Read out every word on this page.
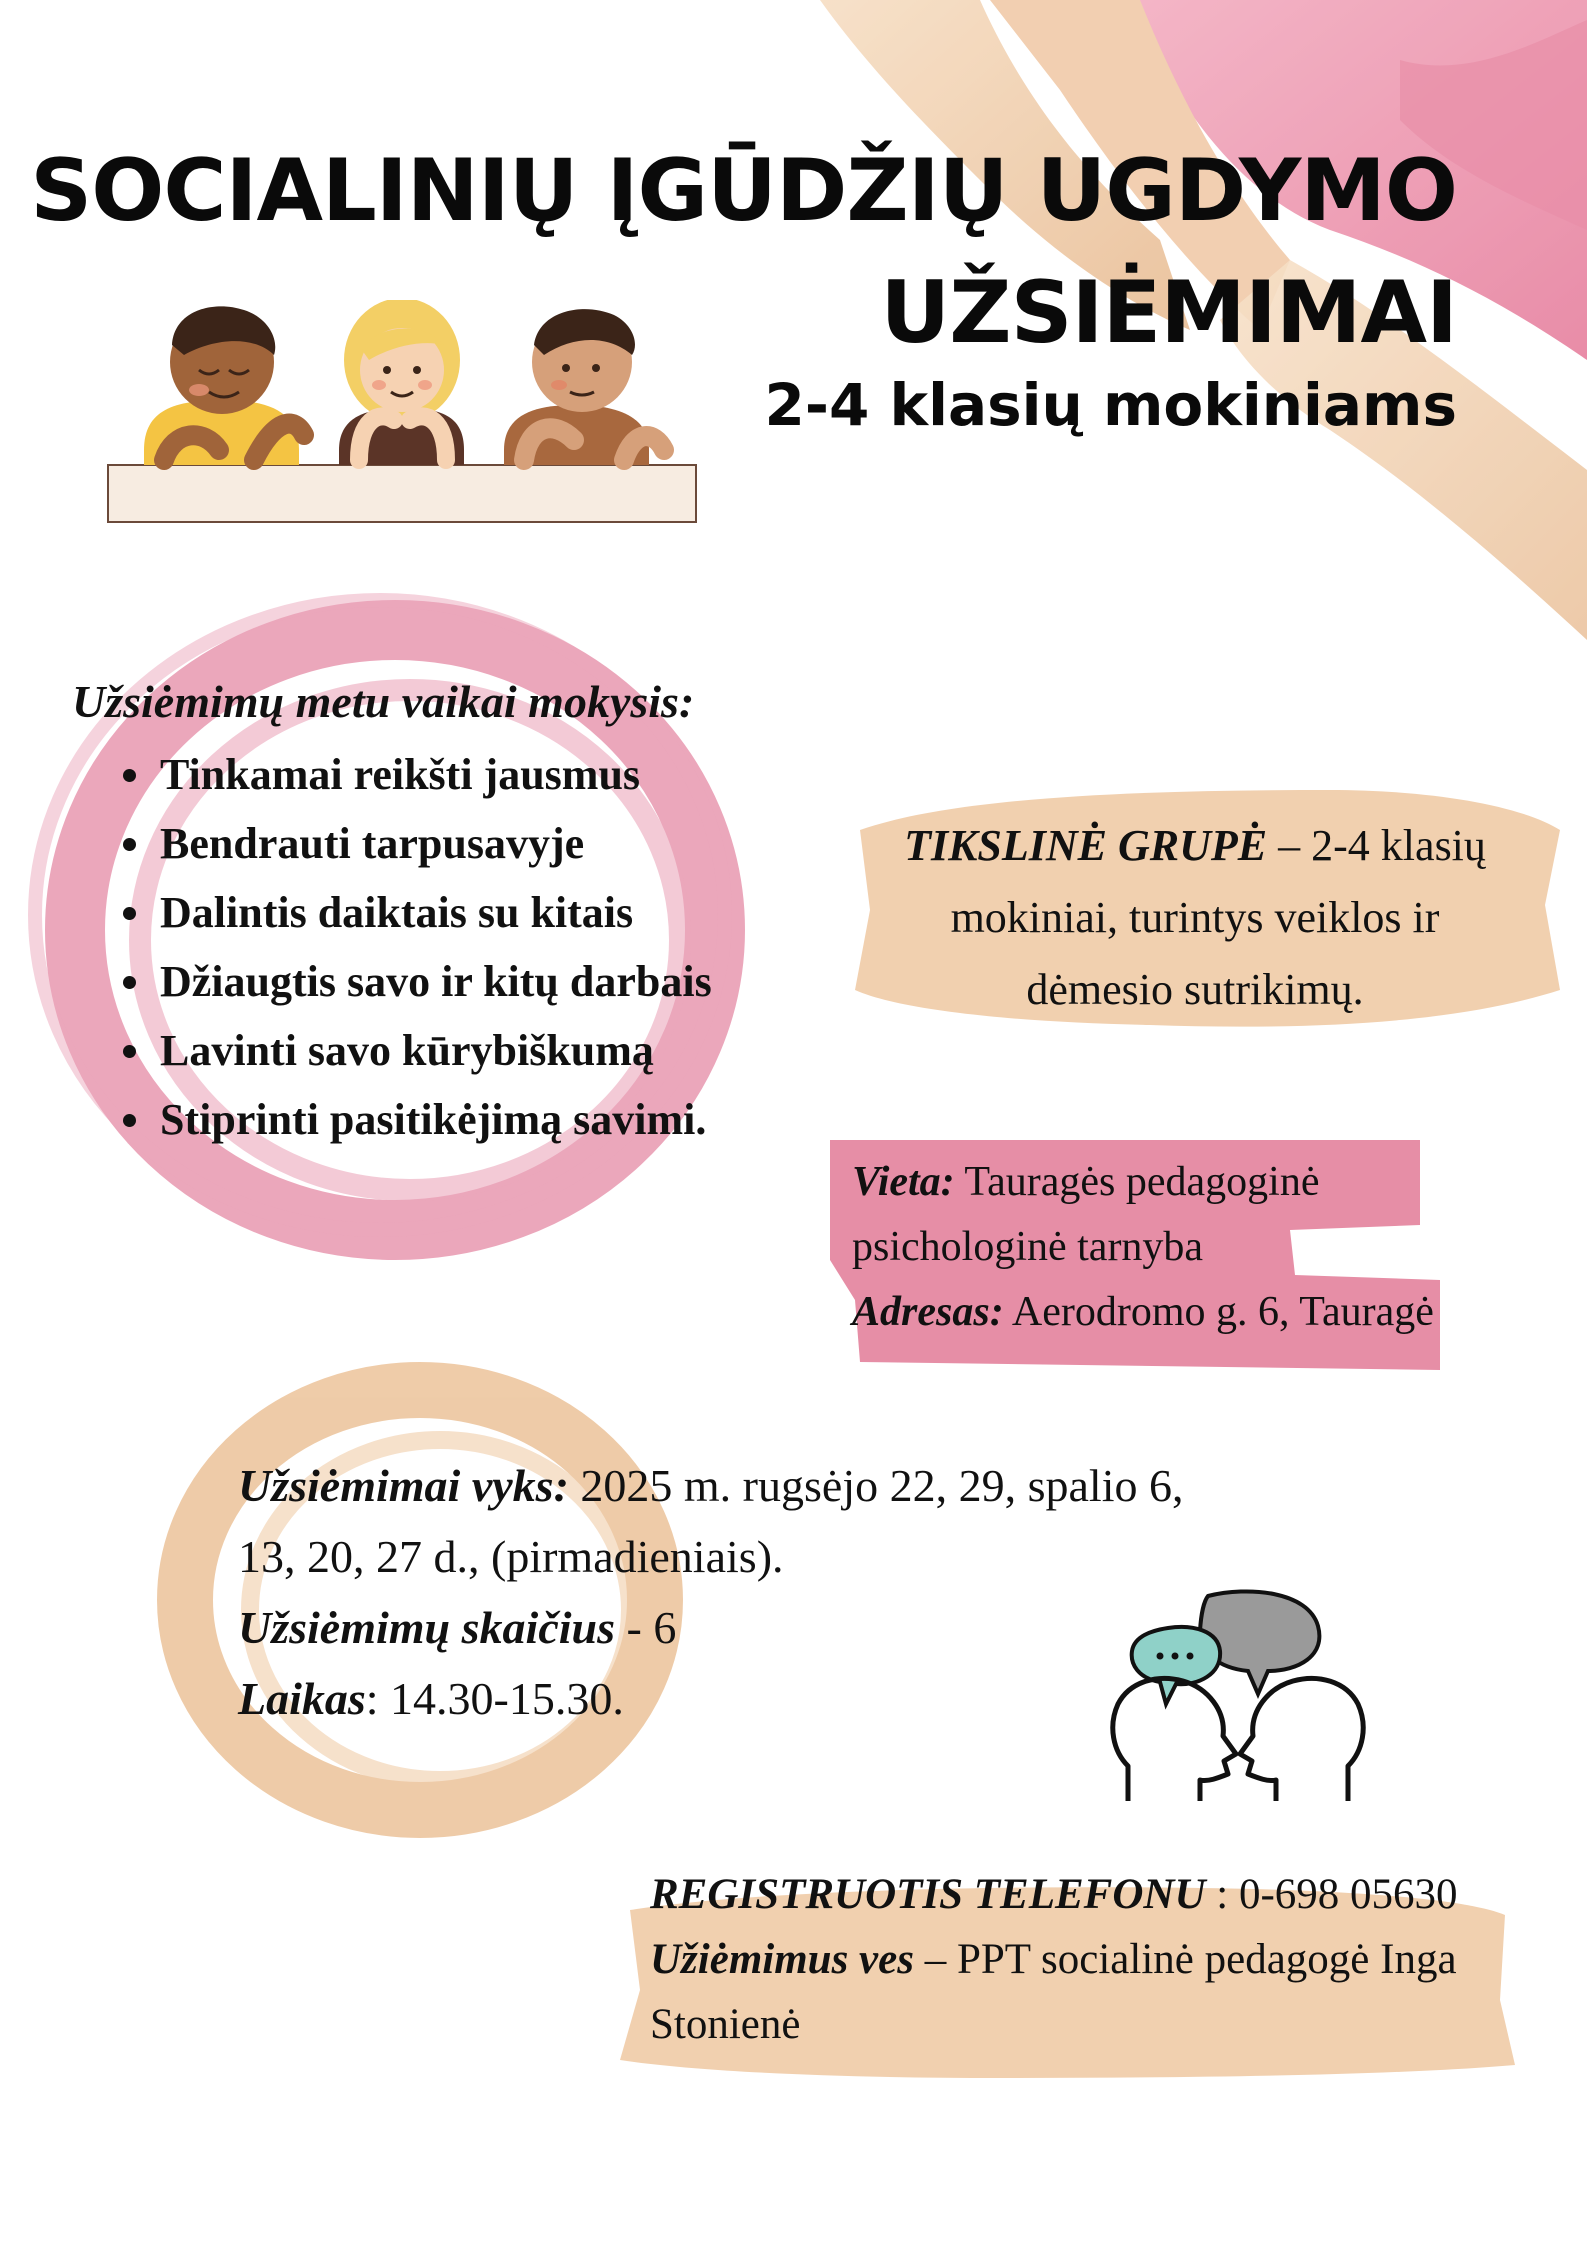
SOCIALINIŲ ĮGŪDŽIŲ UGDYMO
UŽSIĖMIMAI
2-4 klasių mokiniams
Užsiėmimų metu vaikai mokysis:
• Tinkamai reikšti jausmus
• Bendrauti tarpusavyje
• Dalintis daiktais su kitais
• Džiaugtis savo ir kitų darbais
• Lavinti savo kūrybiškumą
• Stiprinti pasitikėjimą savimi.
TIKSLINĖ GRUPĖ – 2-4 klasių mokiniai, turintys veiklos ir dėmesio sutrikimų.
Vieta: Tauragės pedagoginė psichologinė tarnyba
Adresas: Aerodromo g. 6, Tauragė
Užsiėmimai vyks: 2025 m. rugsėjo 22, 29, spalio 6, 13, 20, 27 d., (pirmadieniais).
Užsiėmimų skaičius - 6
Laikas: 14.30-15.30.
REGISTRUOTIS TELEFONU : 0-698 05630
Užiėmimus ves – PPT socialinė pedagogė Inga Stonienė
